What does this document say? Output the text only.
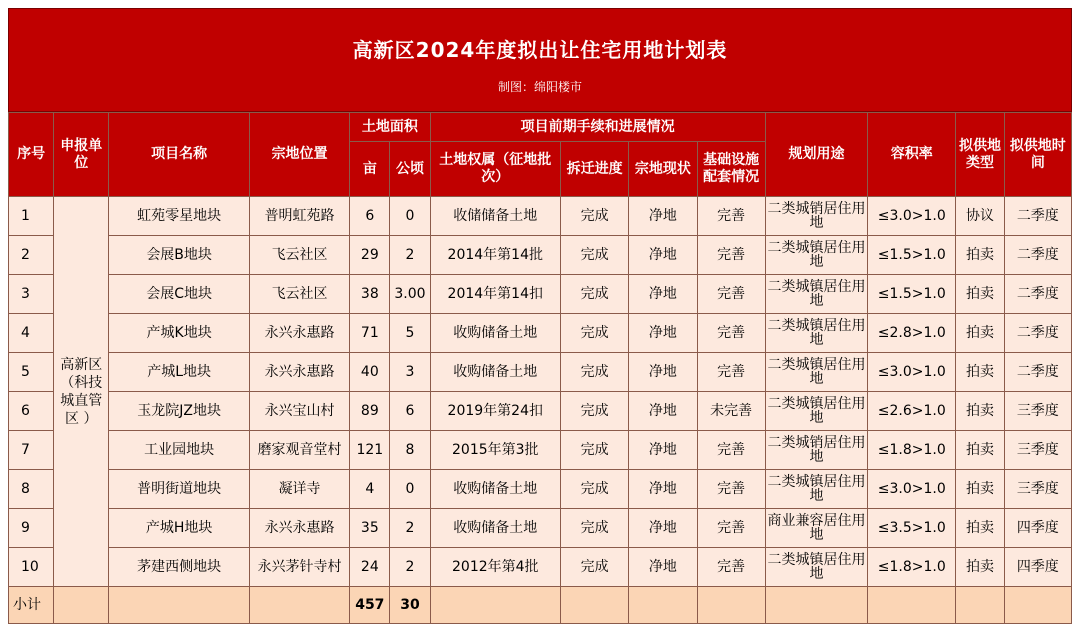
高新区2024年度拟出让住宅用地计划表
制图：绵阳楼市
序号	申报单位	项目名称	宗地位置	土地面积		项目前期手续和进展情况				规划用途	容积率	拟供地类型	拟供地时间
				亩	公顷	土地权属（征地批次）	拆迁进度	宗地现状	基础设施配套情况				
1	高新区（科技城直管区 ）	虹苑零星地块	普明虹苑路	6	0	收储储备土地	完成	净地	完善	二类城销居住用地	≤3.0>1.0	协议	二季度
2		会展B地块	飞云社区	29	2	2014年第14批	完成	净地	完善	二类城镇居住用地	≤1.5>1.0	拍卖	二季度
3		会展C地块	飞云社区	38	3.00	2014年第14扣	完成	净地	完善	二类城镇居住用地	≤1.5>1.0	拍卖	二季度
4		产城K地块	永兴永惠路	71	5	收购储备土地	完成	净地	完善	二类城镇居住用地	≤2.8>1.0	拍卖	二季度
5		产城L地块	永兴永惠路	40	3	收购储备土地	完成	净地	完善	二类城镇居住用地	≤3.0>1.0	拍卖	二季度
6		玉龙院JZ地块	永兴宝山村	89	6	2019年第24扣	完成	净地	未完善	二类城镇居住用地	≤2.6>1.0	拍卖	三季度
7		工业园地块	磨家观音堂村	121	8	2015年第3批	完成	净地	完善	二类城销居住用地	≤1.8>1.0	拍卖	三季度
8		普明街道地块	凝详寺	4	0	收购储备土地	完成	净地	完善	二类城镇居住用地	≤3.0>1.0	拍卖	三季度
9		产城H地块	永兴永惠路	35	2	收购储备土地	完成	净地	完善	商业兼容居住用地	≤3.5>1.0	拍卖	四季度
10		茅建西侧地块	永兴茅针寺村	24	2	2012年第4批	完成	净地	完善	二类城镇居住用地	≤1.8>1.0	拍卖	四季度
小计				457	30								
